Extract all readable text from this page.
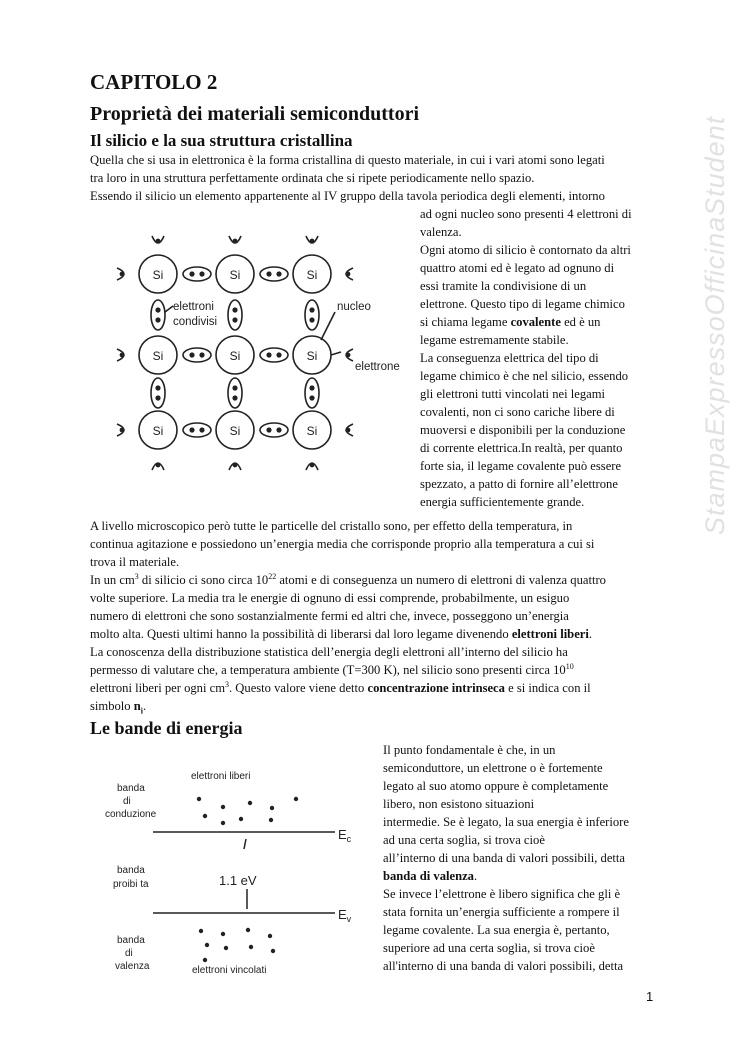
CAPITOLO 2
Proprietà dei materiali semiconduttori
Il silicio e la sua struttura cristallina
Quella che si usa in elettronica è la forma cristallina di questo materiale, in cui i vari atomi sono legati
tra loro in una struttura perfettamente ordinata che si ripete periodicamente nello spazio.
Essendo il silicio un elemento appartenente al IV gruppo della tavola periodica degli elementi, intorno
ad ogni nucleo sono presenti 4 elettroni di
valenza.
Ogni atomo di silicio è contornato da altri
quattro atomi ed è legato ad ognuno di
essi tramite la condivisione di un
elettrone. Questo tipo di legame chimico
si chiama legame covalente ed è un
legame estremamente stabile.
La conseguenza elettrica del tipo di
legame chimico è che nel silicio, essendo
gli elettroni tutti vincolati nei legami
covalenti, non ci sono cariche libere di
muoversi e disponibili per la conduzione
di corrente elettrica.In realtà, per quanto
forte sia, il legame covalente può essere
spezzato, a patto di fornire all’elettrone
energia sufficientemente grande.
A livello microscopico però tutte le particelle del cristallo sono, per effetto della temperatura, in
continua agitazione e possiedono un’energia media che corrisponde proprio alla temperatura a cui si
trova il materiale.
In un $cm^3$ di silicio ci sono circa $10^{22}$ atomi e di conseguenza un numero di elettroni di valenza quattro
volte superiore. La media tra le energie di ognuno di essi comprende, probabilmente, un esiguo
numero di elettroni che sono sostanzialmente fermi ed altri che, invece, posseggono un’energia
molto alta. Questi ultimi hanno la possibilità di liberarsi dal loro legame divenendo elettroni liberi.
La conoscenza della distribuzione statistica dell’energia degli elettroni all’interno del silicio ha
permesso di valutare che, a temperatura ambiente (T=300 K), nel silicio sono presenti circa $10^{10}$
elettroni liberi per ogni $cm^3$. Questo valore viene detto concentrazione intrinseca e si indica con il
simbolo $n_i$.
Si	Si	Si
Si	Si	Si
Si	Si	Si
elettroni
condivisi
nucleo
elettrone
Le bande di energia
Il punto fondamentale è che, in un
semiconduttore, un elettrone o è fortemente
legato al suo atomo oppure è completamente
libero, non esistono situazioni
intermedie. Se è legato, la sua energia è inferiore
ad una certa soglia, si trova cioè
all’interno di una banda di valori possibili, detta
banda di valenza.
Se invece l’elettrone è libero significa che gli è
stata fornita un’energia sufficiente a rompere il
legame covalente. La sua energia è, pertanto,
superiore ad una certa soglia, si trova cioè
all'interno di una banda di valori possibili, detta
elettroni liberi
banda
di
conduzione
banda
proibi ta
banda
di
valenza	elettroni vincolati
1.1 eV
$E_c$
$E_v$
1
StampaExpressoOfficinaStudent
